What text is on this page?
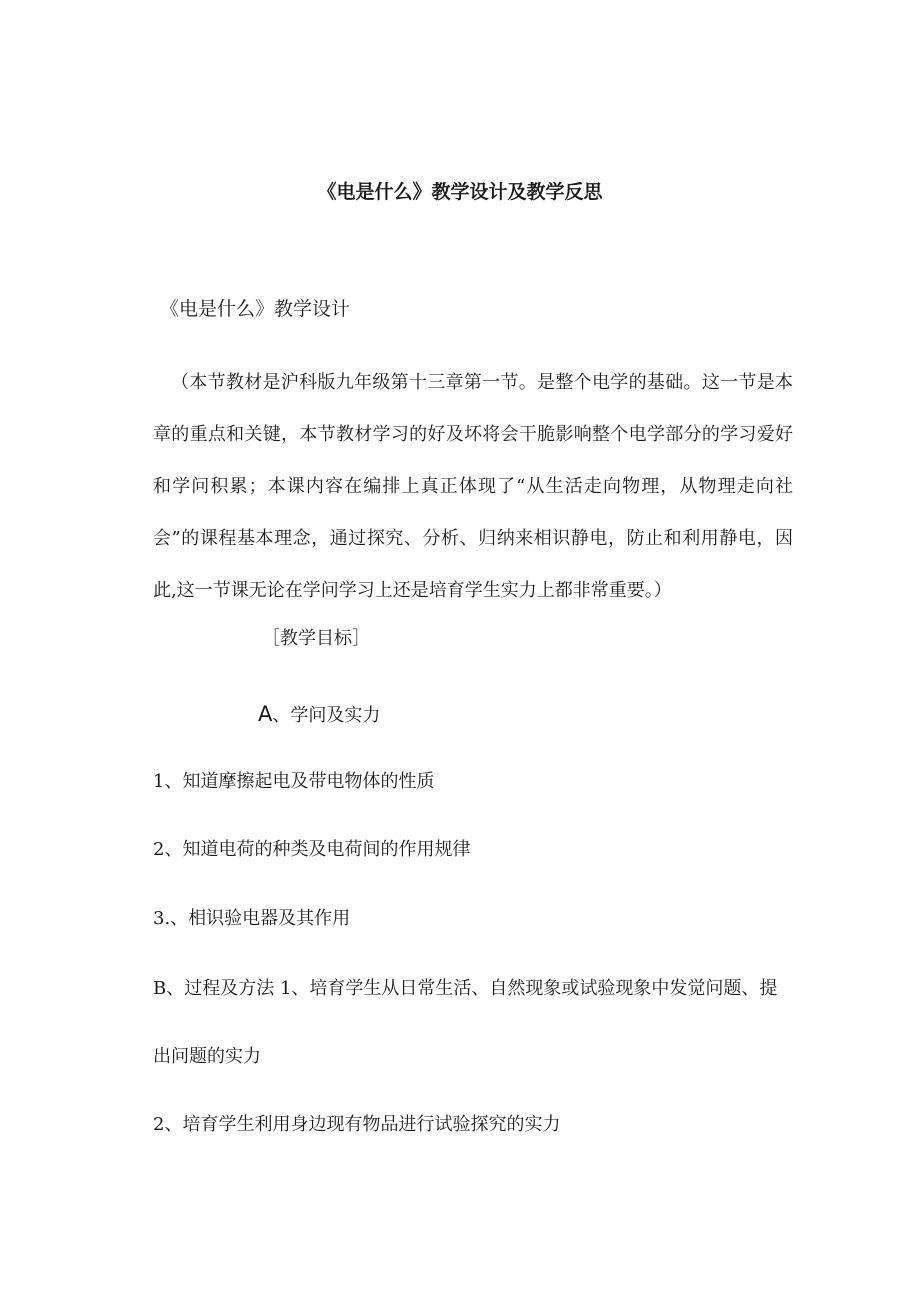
《电是什么》教学设计及教学反思
《电是什么》教学设计

（本节教材是沪科版九年级第十三章第一节。是整个电学的基础。这一节是本章的重点和关键，本节教材学习的好及坏将会干脆影响整个电学部分的学习爱好和学问积累；本课内容在编排上真正体现了“从生活走向物理，从物理走向社会”的课程基本理念，通过探究、分析、归纳来相识静电，防止和利用静电，因此,这一节课无论在学问学习上还是培育学生实力上都非常重要。）

［教学目标］
A、学问及实力
1、知道摩擦起电及带电物体的性质
2、知道电荷的种类及电荷间的作用规律
3.、相识验电器及其作用
B、过程及方法 1、培育学生从日常生活、自然现象或试验现象中发觉问题、提
出问题的实力
2、培育学生利用身边现有物品进行试验探究的实力
